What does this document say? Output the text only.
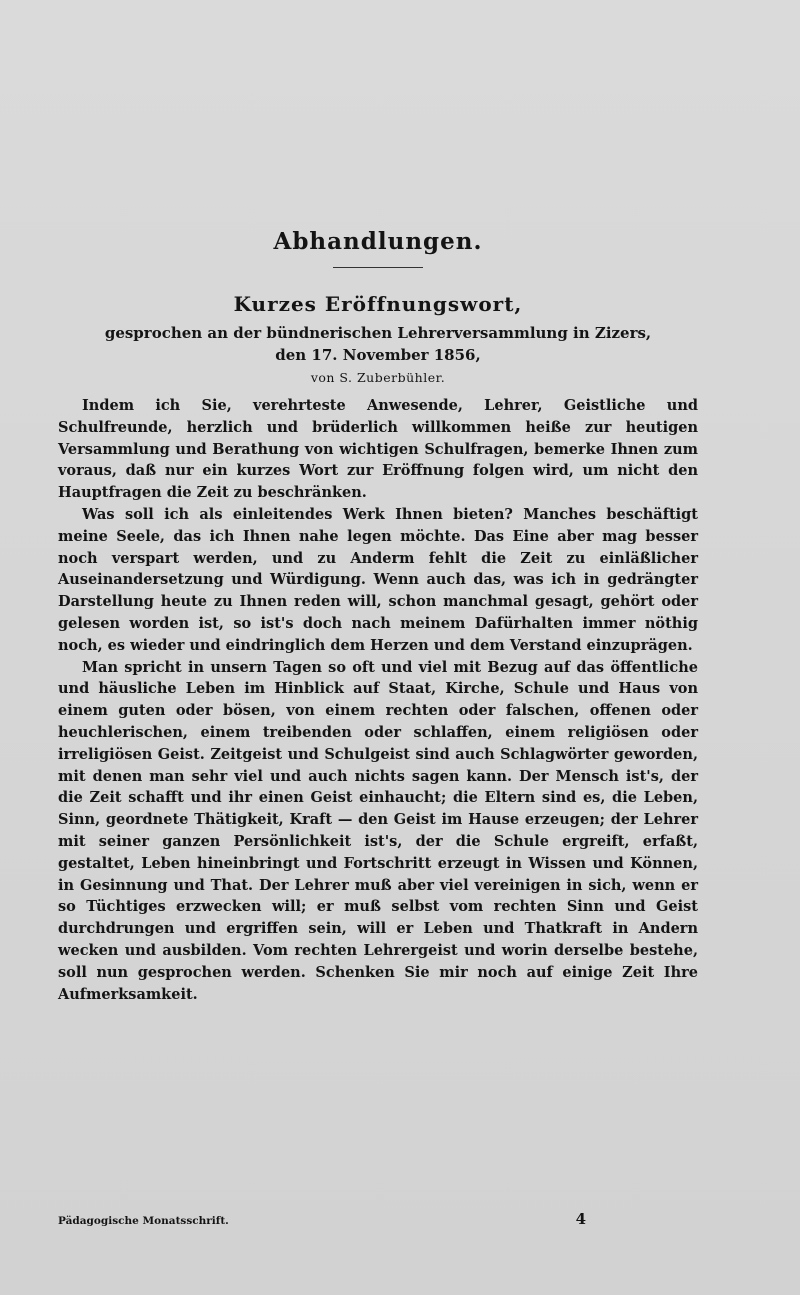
Abhandlungen.
Kurzes Eröffnungswort,

gesprochen an der bündnerischen Lehrerversammlung in Zizers,

den 17. November 1856,

von S. Zuberbühler.

Indem ich Sie, verehrteste Anwesende, Lehrer, Geistliche und Schulfreunde, herzlich und brüderlich willkommen heiße zur heutigen Versammlung und Berathung von wichtigen Schulfragen, bemerke Ihnen zum voraus, daß nur ein kurzes Wort zur Eröffnung folgen wird, um nicht den Hauptfragen die Zeit zu beschränken.

Was soll ich als einleitendes Werk Ihnen bieten? Manches beschäftigt meine Seele, das ich Ihnen nahe legen möchte. Das Eine aber mag besser noch verspart werden, und zu Anderm fehlt die Zeit zu einläßlicher Auseinandersetzung und Würdigung. Wenn auch das, was ich in gedrängter Darstellung heute zu Ihnen reden will, schon manchmal gesagt, gehört oder gelesen worden ist, so ist's doch nach meinem Dafürhalten immer nöthig noch, es wieder und eindringlich dem Herzen und dem Verstand einzuprägen.

Man spricht in unsern Tagen so oft und viel mit Bezug auf das öffentliche und häusliche Leben im Hinblick auf Staat, Kirche, Schule und Haus von einem guten oder bösen, von einem rechten oder falschen, offenen oder heuchlerischen, einem treibenden oder schlaffen, einem religiösen oder irreligiösen Geist. Zeitgeist und Schulgeist sind auch Schlagwörter geworden, mit denen man sehr viel und auch nichts sagen kann. Der Mensch ist's, der die Zeit schafft und ihr einen Geist einhaucht; die Eltern sind es, die Leben, Sinn, geordnete Thätigkeit, Kraft — den Geist im Hause erzeugen; der Lehrer mit seiner ganzen Persönlichkeit ist's, der die Schule ergreift, erfaßt, gestaltet, Leben hineinbringt und Fortschritt erzeugt in Wissen und Können, in Gesinnung und That. Der Lehrer muß aber viel vereinigen in sich, wenn er so Tüchtiges erzwecken will; er muß selbst vom rechten Sinn und Geist durchdrungen und ergriffen sein, will er Leben und Thatkraft in Andern wecken und ausbilden. Vom rechten Lehrergeist und worin derselbe bestehe, soll nun gesprochen werden. Schenken Sie mir noch auf einige Zeit Ihre Aufmerksamkeit.

Pädagogische Monatsschrift.	4
